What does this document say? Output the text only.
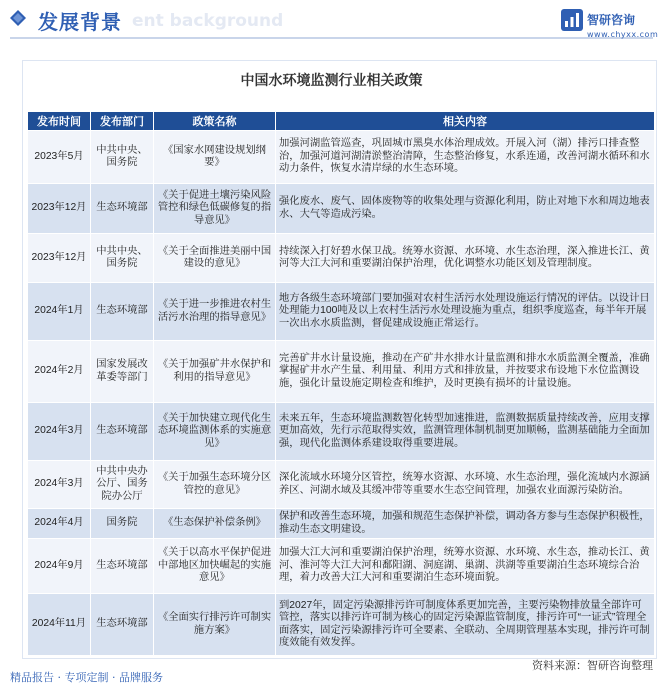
ent background
发展背景	智研咨询
www.chyxx.com
中国水环境监测行业相关政策
发布时间	发布部门	政策名称	相关内容
2023年5月	中共中央、国务院	《国家水网建设规划纲要》	加强河湖监管巡查，巩固城市黑臭水体治理成效。开展入河（湖）排污口排查整治，加强河道河湖清淤整治清障，生态整治修复，水系连通，改善河湖水循环和水动力条件，恢复水清岸绿的水生态环境。
2023年12月	生态环境部	《关于促进土壤污染风险管控和绿色低碳修复的指导意见》	强化废水、废气、固体废物等的收集处理与资源化利用，防止对地下水和周边地表水、大气等造成污染。
2023年12月	中共中央、国务院	《关于全面推进美丽中国建设的意见》	持续深入打好碧水保卫战。统筹水资源、水环境、水生态治理，深入推进长江、黄河等大江大河和重要湖泊保护治理，优化调整水功能区划及管理制度。
2024年1月	生态环境部	《关于进一步推进农村生活污水治理的指导意见》	地方各级生态环境部门要加强对农村生活污水处理设施运行情况的评估。以设计日处理能力100吨及以上农村生活污水处理设施为重点，组织季度巡查，每半年开展一次出水水质监测，督促建成设施正常运行。
2024年2月	国家发展改革委等部门	《关于加强矿井水保护和利用的指导意见》	完善矿井水计量设施，推动在产矿井水排水计量监测和排水水质监测全覆盖，准确掌握矿井水产生量、利用量、利用方式和排放量，并按要求布设地下水位监测设施，强化计量设施定期检查和维护，及时更换有损坏的计量设施。
2024年3月	生态环境部	《关于加快建立现代化生态环境监测体系的实施意见》	未来五年，生态环境监测数智化转型加速推进，监测数据质量持续改善，应用支撑更加高效，先行示范取得实效，监测管理体制机制更加顺畅，监测基础能力全面加强，现代化监测体系建设取得重要进展。
2024年3月	中共中央办公厅、国务院办公厅	《关于加强生态环境分区管控的意见》	深化流域水环境分区管控，统筹水资源、水环境、水生态治理，强化流域内水源涵养区、河湖水域及其缓冲带等重要水生态空间管理，加强农业面源污染防治。
2024年4月	国务院	《生态保护补偿条例》	保护和改善生态环境，加强和规范生态保护补偿，调动各方参与生态保护积极性，推动生态文明建设。
2024年9月	生态环境部	《关于以高水平保护促进中部地区加快崛起的实施意见》	加强大江大河和重要湖泊保护治理，统筹水资源、水环境、水生态，推动长江、黄河、淮河等大江大河和鄱阳湖、洞庭湖、巢湖、洪湖等重要湖泊生态环境综合治理，着力改善大江大河和重要湖泊生态环境面貌。
2024年11月	生态环境部	《全面实行排污许可制实施方案》	到2027年，固定污染源排污许可制度体系更加完善，主要污染物排放量全部许可管控，落实以排污许可制为核心的固定污染源监管制度，排污许可“一证式”管理全面落实，固定污染源排污许可全要素、全联动、全周期管理基本实现，排污许可制度效能有效发挥。
资料来源：智研咨询整理
精品报告 · 专项定制 · 品牌服务
